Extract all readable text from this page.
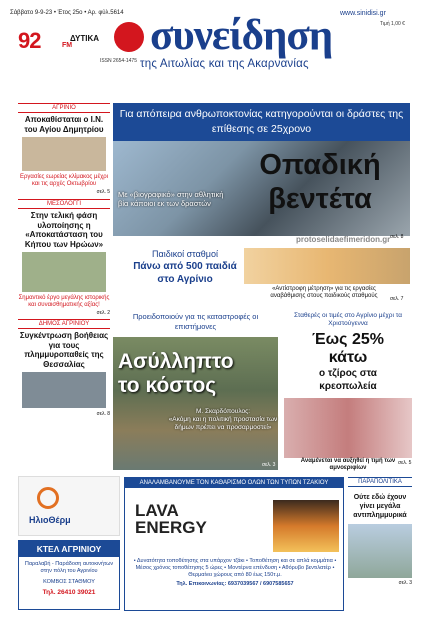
Σάββατο 9-9-23 • Έτος 25ο • Αρ. φύλ.5614
92	FM
ΔΥΤΙΚΑ
ISSN 2654-1475
συνείδηση
της Αιτωλίας και της Ακαρνανίας
www.sinidisi.gr
Τιμή 1,00 €
ΑΓΡΙΝΙΟ
Αποκαθίσταται ο Ι.Ν. του Αγίου Δημητρίου
Εργασίες εωρείας κλίμακος μέχρι και τις αρχές Οκτωβρίου
σελ. 5
ΜΕΣΟΛΟΓΓΙ
Στην τελική φάση υλοποίησης η «Αποκατάσταση του Κήπου των Ηρώων»
Σημαντικό έργο μεγάλης ιστορικής και συναισθηματικής αξίας!
σελ. 2
ΔΗΜΟΣ ΑΓΡΙΝΙΟΥ
Συγκέντρωση βοήθειας για τους πλημμυροπαθείς της Θεσσαλίας
σελ. 8
Για απόπειρα ανθρωποκτονίας κατηγορούνται οι δράστες της επίθεσης σε 25χρονο
Οπαδική
βεντέτα
Με «βιογραφικό» στην αθλητική βία κάποιοι εκ των δραστών
σελ. 8
protoselidaefimeridon.gr
Παιδικοί σταθμοί
Πάνω από 500 παιδιά στο Αγρίνιο
«Αντίστροφη μέτρηση» για τις εργασίες αναβάθμισης στους παιδικούς σταθμούς	σελ. 7
Προειδοποιούν για τις καταστροφές οι επιστήμονες
Ασύλληπτο
το κόστος
Μ. Σκαρδόπουλος:
«Ακόμη και η πολιτική προστασία των δήμων πρέπει να προσαρμοστεί»
σελ. 3
Σταθερές οι τιμές στο Αγρίνιο μέχρι τα Χριστούγεννα
Έως 25%
κάτω
ο τζίρος στα
κρεοπωλεία
Αναμένεται να αυξηθεί η τιμή των αμνοεριφίων
σελ. 5
ΗλιοΘέρμ
ΚΤΕΛ ΑΓΡΙΝΙΟΥ
Παραλαβή - Παράδοση αυτοκινήτων στην πόλη του Αγρινίου
ΚΟΜΒΟΣ ΣΤΑΘΜΟΥ
Τηλ. 26410 39021
ΑΝΑΛΑΜΒΑΝΟΥΜΕ ΤΟΝ ΚΑΘΑΡΙΣΜΟ ΟΛΩΝ ΤΩΝ ΤΥΠΩΝ ΤΖΑΚΙΟΥ
LAVA
ENERGY
• Δυνατότητα τοποθέτησης στα υπάρχον τζάκι • Τοποθέτηση και σε απλά κομμάτια • Μέσος χρόνος τοποθέτησης 5 ώρες • Μοντέρνα επένδυση • Αθόρυβο βεντιλατέρ • Θερμαίνει χώρους από 80 έως 150τ.μ.
Τηλ. Επικοινωνίας: 6937039567 / 6907585657
ΠΑΡΑΠΟΛΙΤΙΚΑ
Ούτε εδώ έχουν γίνει μεγάλα αντιπλημμυρικά
σελ. 3
